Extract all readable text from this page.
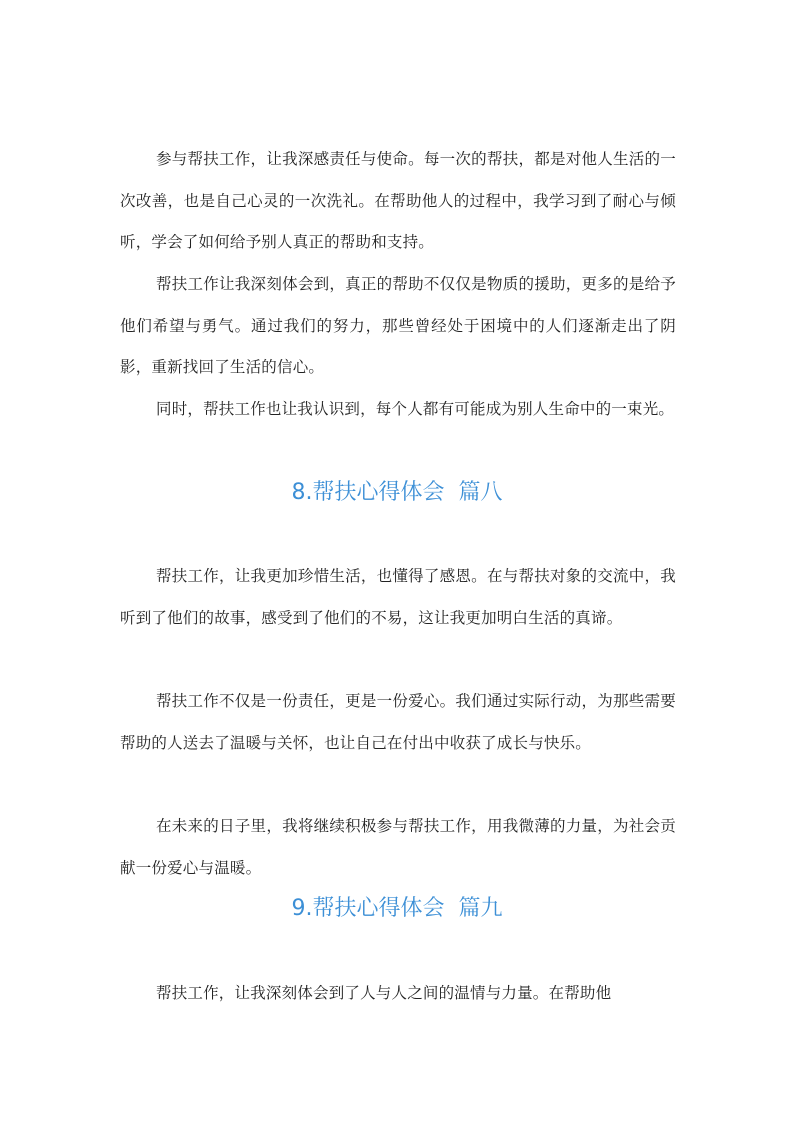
参与帮扶工作，让我深感责任与使命。每一次的帮扶，都是对他人生活的一次改善，也是自己心灵的一次洗礼。在帮助他人的过程中，我学习到了耐心与倾听，学会了如何给予别人真正的帮助和支持。

帮扶工作让我深刻体会到，真正的帮助不仅仅是物质的援助，更多的是给予他们希望与勇气。通过我们的努力，那些曾经处于困境中的人们逐渐走出了阴影，重新找回了生活的信心。

同时，帮扶工作也让我认识到，每个人都有可能成为别人生命中的一束光。

8.帮扶心得体会  篇八

帮扶工作，让我更加珍惜生活，也懂得了感恩。在与帮扶对象的交流中，我听到了他们的故事，感受到了他们的不易，这让我更加明白生活的真谛。

帮扶工作不仅是一份责任，更是一份爱心。我们通过实际行动，为那些需要帮助的人送去了温暖与关怀，也让自己在付出中收获了成长与快乐。

在未来的日子里，我将继续积极参与帮扶工作，用我微薄的力量，为社会贡献一份爱心与温暖。

9.帮扶心得体会  篇九

帮扶工作，让我深刻体会到了人与人之间的温情与力量。在帮助他
